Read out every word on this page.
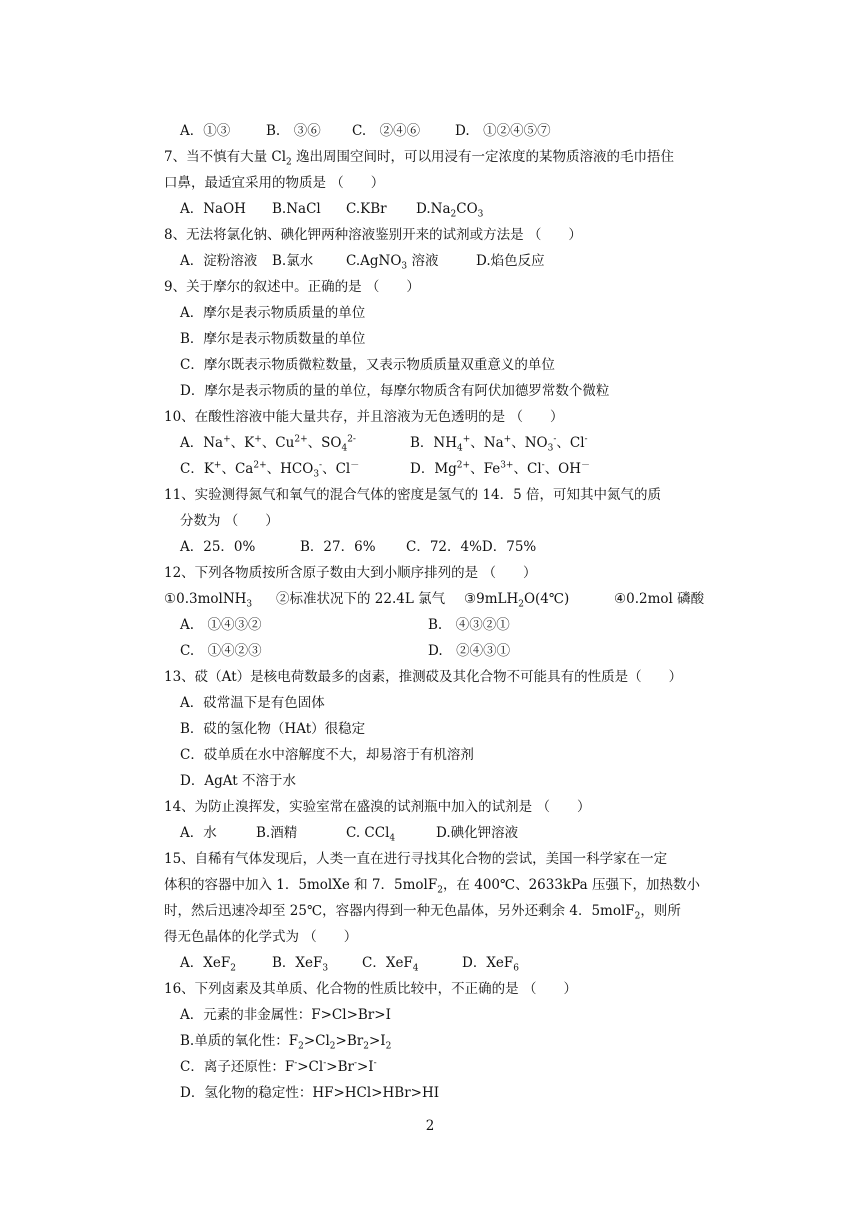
A．①③	B.　③⑥ C.　②④⑥	D.　①②④⑤⑦
7、当不慎有大量 $Cl_2$ 逸出周围空间时，可以用浸有一定浓度的某物质溶液的毛巾捂住
口鼻，最适宜采用的物质是 （　　）
A．NaOH B.NaCl C.KBr $D.Na_2CO_3$
8、无法将氯化钠、碘化钾两种溶液鉴别开来的试剂或方法是 （　　）
A．淀粉溶液 B.氯水 C.AgNO$_3$ 溶液	D.焰色反应
9、关于摩尔的叙述中。正确的是 （　　）
A．摩尔是表示物质质量的单位
B．摩尔是表示物质数量的单位
C．摩尔既表示物质微粒数量，又表示物质质量双重意义的单位
D．摩尔是表示物质的量的单位，每摩尔物质含有阿伏加德罗常数个微粒
10、在酸性溶液中能大量共存，并且溶液为无色透明的是 （　　）
A．Na+、K+、$Cu^{2+}$、$SO_4^{2-}$	B．$NH_4^+$、Na+、$NO_3^-$、Cl-
C．K+、$Ca^{2+}$、$HCO_3^-$、Cl－	D．$Mg^{2+}$、$Fe^{3+}$、Cl-、OH－
11、实验测得氮气和氧气的混合气体的密度是氢气的 14．5 倍，可知其中氮气的质
分数为 （　　）
A．25．0%	B．27．6% C．72．4%D．75%
12、下列各物质按所含原子数由大到小顺序排列的是 （　　）
①0.3molNH$_3$ ②标准状况下的 22.4L 氯气 ③9mLH$_2$O(4℃)	④0.2mol 磷酸
A.　①④③②	B.　④③②①
C.　①④②③	D.　②④③①
13、砹（At）是核电荷数最多的卤素，推测砹及其化合物不可能具有的性质是（　　）
A．砹常温下是有色固体
B．砹的氢化物（HAt）很稳定
C．砹单质在水中溶解度不大，却易溶于有机溶剂
D．AgAt 不溶于水
14、为防止溴挥发，实验室常在盛溴的试剂瓶中加入的试剂是 （　　）
A．水	B.酒精	C. CCl$_4$	D.碘化钾溶液
15、自稀有气体发现后，人类一直在进行寻找其化合物的尝试，美国一科学家在一定
体积的容器中加入 1．5molXe 和 7．5molF$_2$，在 400℃、2633kPa 压强下，加热数小
时，然后迅速冷却至 25℃，容器内得到一种无色晶体，另外还剩余 4．5molF$_2$，则所
得无色晶体的化学式为 （　　）
A．XeF$_2$	B．XeF$_3$	C．XeF$_4$	D．XeF$_6$
16、下列卤素及其单质、化合物的性质比较中，不正确的是 （　　）
A．元素的非金属性：F>Cl>Br>I
B.单质的氧化性：$F_2>Cl_2>Br_2>I_2$
C．离子还原性：F->Cl->Br->I-
D．氢化物的稳定性：HF>HCl>HBr>HI
2
